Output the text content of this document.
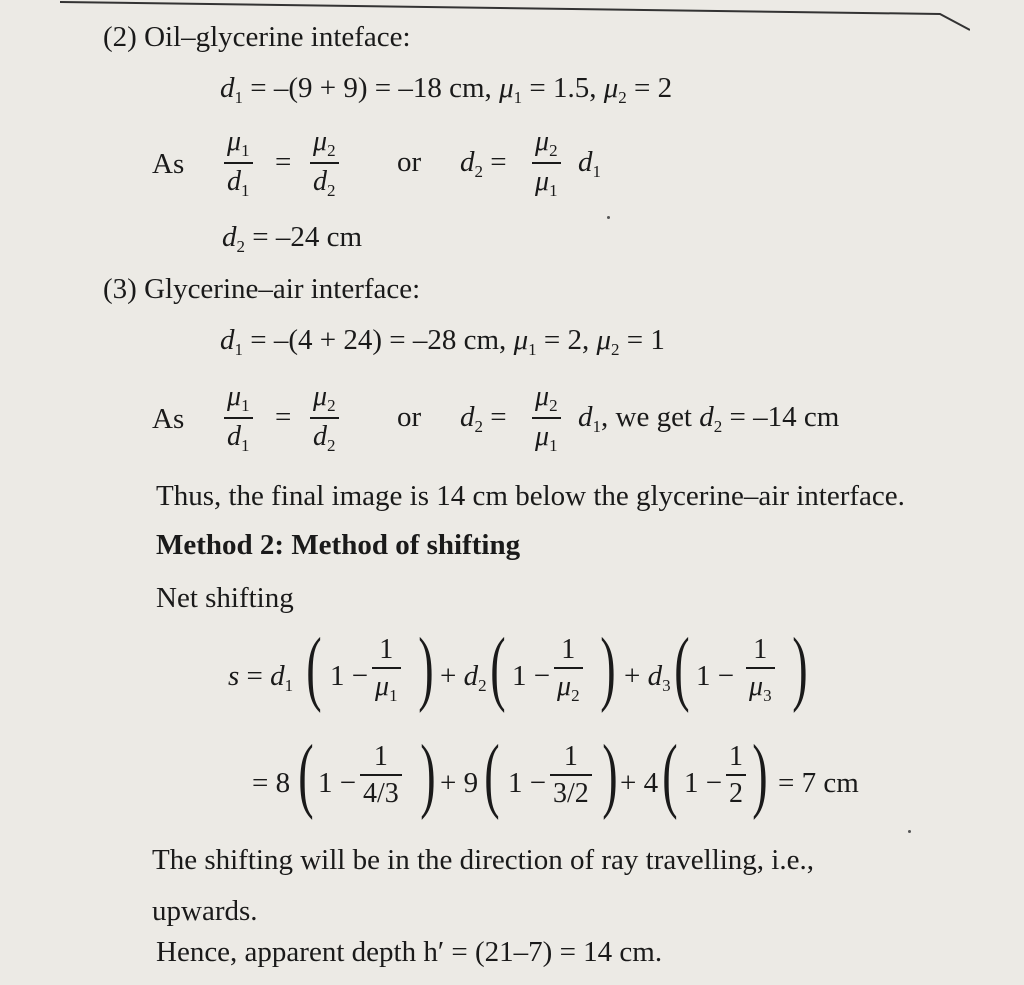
(2) Oil–glycerine inteface:
$d_1 = -(9 + 9) = -18$ cm, $\mu_1 = 1.5$, $\mu_2 = 2$
As $\frac{\mu_1}{d_1} = \frac{\mu_2}{d_2}$ or $d_2 = \frac{\mu_2}{\mu_1} d_1$
$d_2 = -24$ cm
(3) Glycerine–air interface:
$d_1 = -(4 + 24) = -28$ cm, $\mu_1 = 2$, $\mu_2 = 1$
As $\frac{\mu_1}{d_1} = \frac{\mu_2}{d_2}$ or $d_2 = \frac{\mu_2}{\mu_1} d_1$, we get $d_2 = -14$ cm
Thus, the final image is 14 cm below the glycerine–air interface.
Method 2: Method of shifting
Net shifting
$s = d_1$ ( $1 - \frac{1}{\mu_1}$ ) + $d_2$ ( $1 - \frac{1}{\mu_2}$ ) + $d_3$ ( $1 - \frac{1}{\mu_3}$ )
= 8 ( $1 - \frac{1}{4/3}$ ) + 9 ( $1 - \frac{1}{3/2}$ ) + 4 ( $1 - \frac{1}{2}$ ) = 7 cm
The shifting will be in the direction of ray travelling, i.e.,
upwards.
Hence, apparent depth h′ = (21–7) = 14 cm.
